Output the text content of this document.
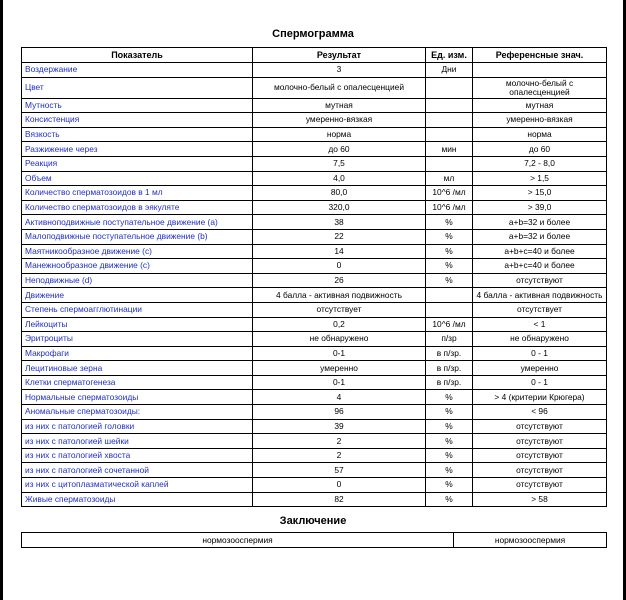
Спермограмма
Показатель	Результат	Ед. изм.	Референсные знач.
Воздержание	3	Дни	
Цвет	молочно-белый с опалесценцией		молочно-белый с опалесценцией
Мутность	мутная		мутная
Консистенция	умеренно-вязкая		умеренно-вязкая
Вязкость	норма		норма
Разжижение через	до 60	мин	до 60
Реакция	7,5		7,2 - 8,0
Объем	4,0	мл	> 1,5
Количество сперматозоидов в 1 мл	80,0	10^6 /мл	> 15,0
Количество сперматозоидов в эякуляте	320,0	10^6 /мл	> 39,0
Активноподвижные поступательное движение (a)	38	%	a+b=32 и более
Малоподвижные поступательное движение (b)	22	%	a+b=32 и более
Маятникообразное движение (c)	14	%	a+b+c=40 и более
Манежнообразное движение (c)	0	%	a+b+c=40 и более
Неподвижные (d)	26	%	отсутствуют
Движение	4 балла - активная подвижность		4 балла - активная подвижность
Степень спермоагглютинации	отсутствует		отсутствует
Лейкоциты	0,2	10^6 /мл	< 1
Эритроциты	не обнаружено	п/зр	не обнаружено
Макрофаги	0-1	в п/зр.	0 - 1
Лецитиновые зерна	умеренно	в п/зр.	умеренно
Клетки сперматогенеза	0-1	в п/зр.	0 - 1
Нормальные сперматозоиды	4	%	> 4 (критерии Крюгера)
Аномальные сперматозоиды:	96	%	< 96
из них с патологией головки	39	%	отсутствуют
из них с патологией шейки	2	%	отсутствуют
из них с патологией хвоста	2	%	отсутствуют
из них с патологией сочетанной	57	%	отсутствуют
из них с цитоплазматической каплей	0	%	отсутствуют
Живые сперматозоиды	82	%	> 58
Заключение
нормозооспермия	нормозооспермия
